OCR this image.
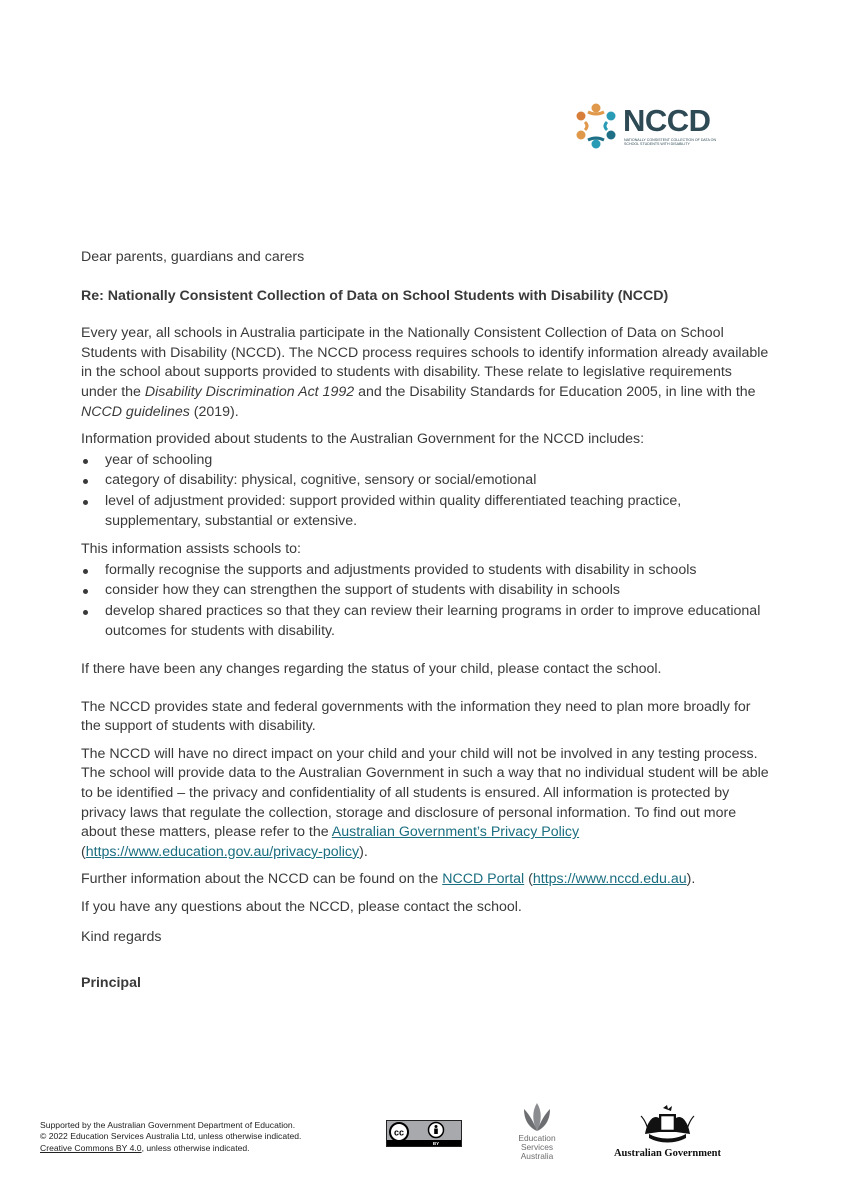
NCCD
NATIONALLY CONSISTENT COLLECTION OF DATA ON SCHOOL STUDENTS WITH DISABILITY

Dear parents, guardians and carers

Re: Nationally Consistent Collection of Data on School Students with Disability (NCCD)

Every year, all schools in Australia participate in the Nationally Consistent Collection of Data on School Students with Disability (NCCD). The NCCD process requires schools to identify information already available in the school about supports provided to students with disability. These relate to legislative requirements under the Disability Discrimination Act 1992 and the Disability Standards for Education 2005, in line with the NCCD guidelines (2019).

Information provided about students to the Australian Government for the NCCD includes:

year of schooling
category of disability: physical, cognitive, sensory or social/emotional
level of adjustment provided: support provided within quality differentiated teaching practice, supplementary, substantial or extensive.

This information assists schools to:

formally recognise the supports and adjustments provided to students with disability in schools
consider how they can strengthen the support of students with disability in schools
develop shared practices so that they can review their learning programs in order to improve educational outcomes for students with disability.

If there have been any changes regarding the status of your child, please contact the school.

The NCCD provides state and federal governments with the information they need to plan more broadly for the support of students with disability.

The NCCD will have no direct impact on your child and your child will not be involved in any testing process. The school will provide data to the Australian Government in such a way that no individual student will be able to be identified – the privacy and confidentiality of all students is ensured. All information is protected by privacy laws that regulate the collection, storage and disclosure of personal information. To find out more about these matters, please refer to the Australian Government’s Privacy Policy
(https://www.education.gov.au/privacy-policy).

Further information about the NCCD can be found on the NCCD Portal (https://www.nccd.edu.au).

If you have any questions about the NCCD, please contact the school.

Kind regards

Principal

Supported by the Australian Government Department of Education.

© 2022 Education Services Australia Ltd, unless otherwise indicated.

Creative Commons BY 4.0, unless otherwise indicated.

cc
BY
Education
Services
Australia	Australian Government
